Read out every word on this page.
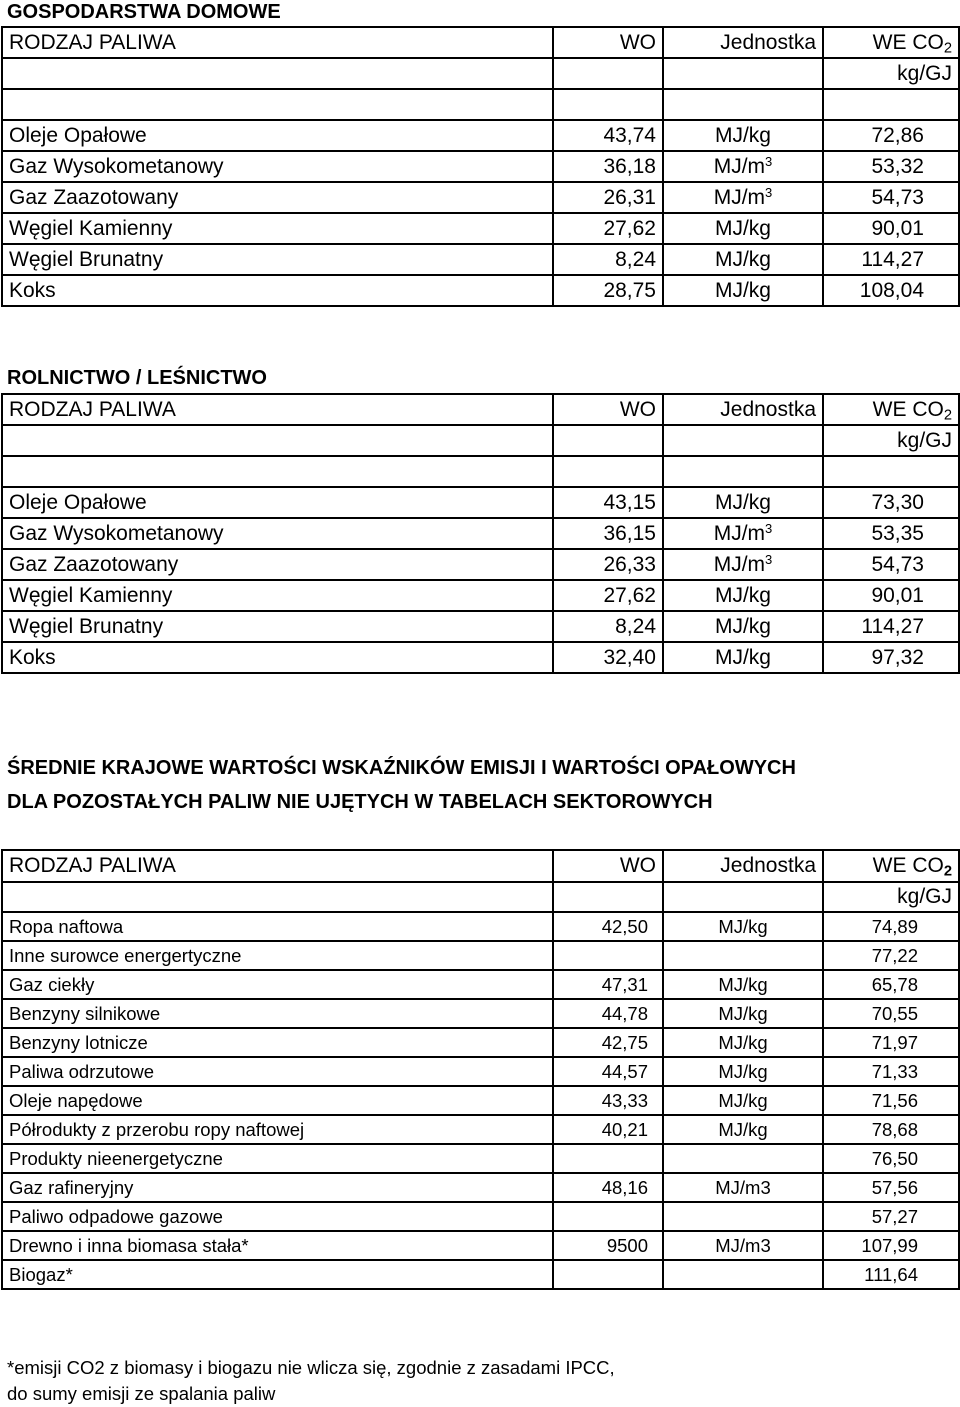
GOSPODARSTWA DOMOWE
RODZAJ PALIWA	WO	Jednostka	WE $CO_2$
			kg/GJ

Oleje Opałowe	43,74	MJ/kg	72,86
Gaz Wysokometanowy	36,18	$MJ/m^3$	53,32
Gaz Zaazotowany	26,31	$MJ/m^3$	54,73
Węgiel Kamienny	27,62	MJ/kg	90,01
Węgiel Brunatny	8,24	MJ/kg	114,27
Koks	28,75	MJ/kg	108,04
ROLNICTWO / LEŚNICTWO
RODZAJ PALIWA	WO	Jednostka	WE $CO_2$
			kg/GJ

Oleje Opałowe	43,15	MJ/kg	73,30
Gaz Wysokometanowy	36,15	$MJ/m^3$	53,35
Gaz Zaazotowany	26,33	$MJ/m^3$	54,73
Węgiel Kamienny	27,62	MJ/kg	90,01
Węgiel Brunatny	8,24	MJ/kg	114,27
Koks	32,40	MJ/kg	97,32
ŚREDNIE KRAJOWE WARTOŚCI WSKAŹNIKÓW EMISJI I WARTOŚCI OPAŁOWYCH
DLA POZOSTAŁYCH PALIW NIE UJĘTYCH W TABELACH SEKTOROWYCH
RODZAJ PALIWA	WO	Jednostka	WE $CO_2$
			kg/GJ
Ropa naftowa	42,50	MJ/kg	74,89
Inne surowce energertyczne			77,22
Gaz ciekły	47,31	MJ/kg	65,78
Benzyny silnikowe	44,78	MJ/kg	70,55
Benzyny lotnicze	42,75	MJ/kg	71,97
Paliwa odrzutowe	44,57	MJ/kg	71,33
Oleje napędowe	43,33	MJ/kg	71,56
Półrodukty z przerobu ropy naftowej	40,21	MJ/kg	78,68
Produkty nieenergetyczne			76,50
Gaz rafineryjny	48,16	MJ/m3	57,56
Paliwo odpadowe gazowe			57,27
Drewno i inna biomasa stała*	9500	MJ/m3	107,99
Biogaz*			111,64
*emisji CO2 z biomasy i biogazu nie wlicza się, zgodnie z zasadami IPCC,
do sumy emisji ze spalania paliw
